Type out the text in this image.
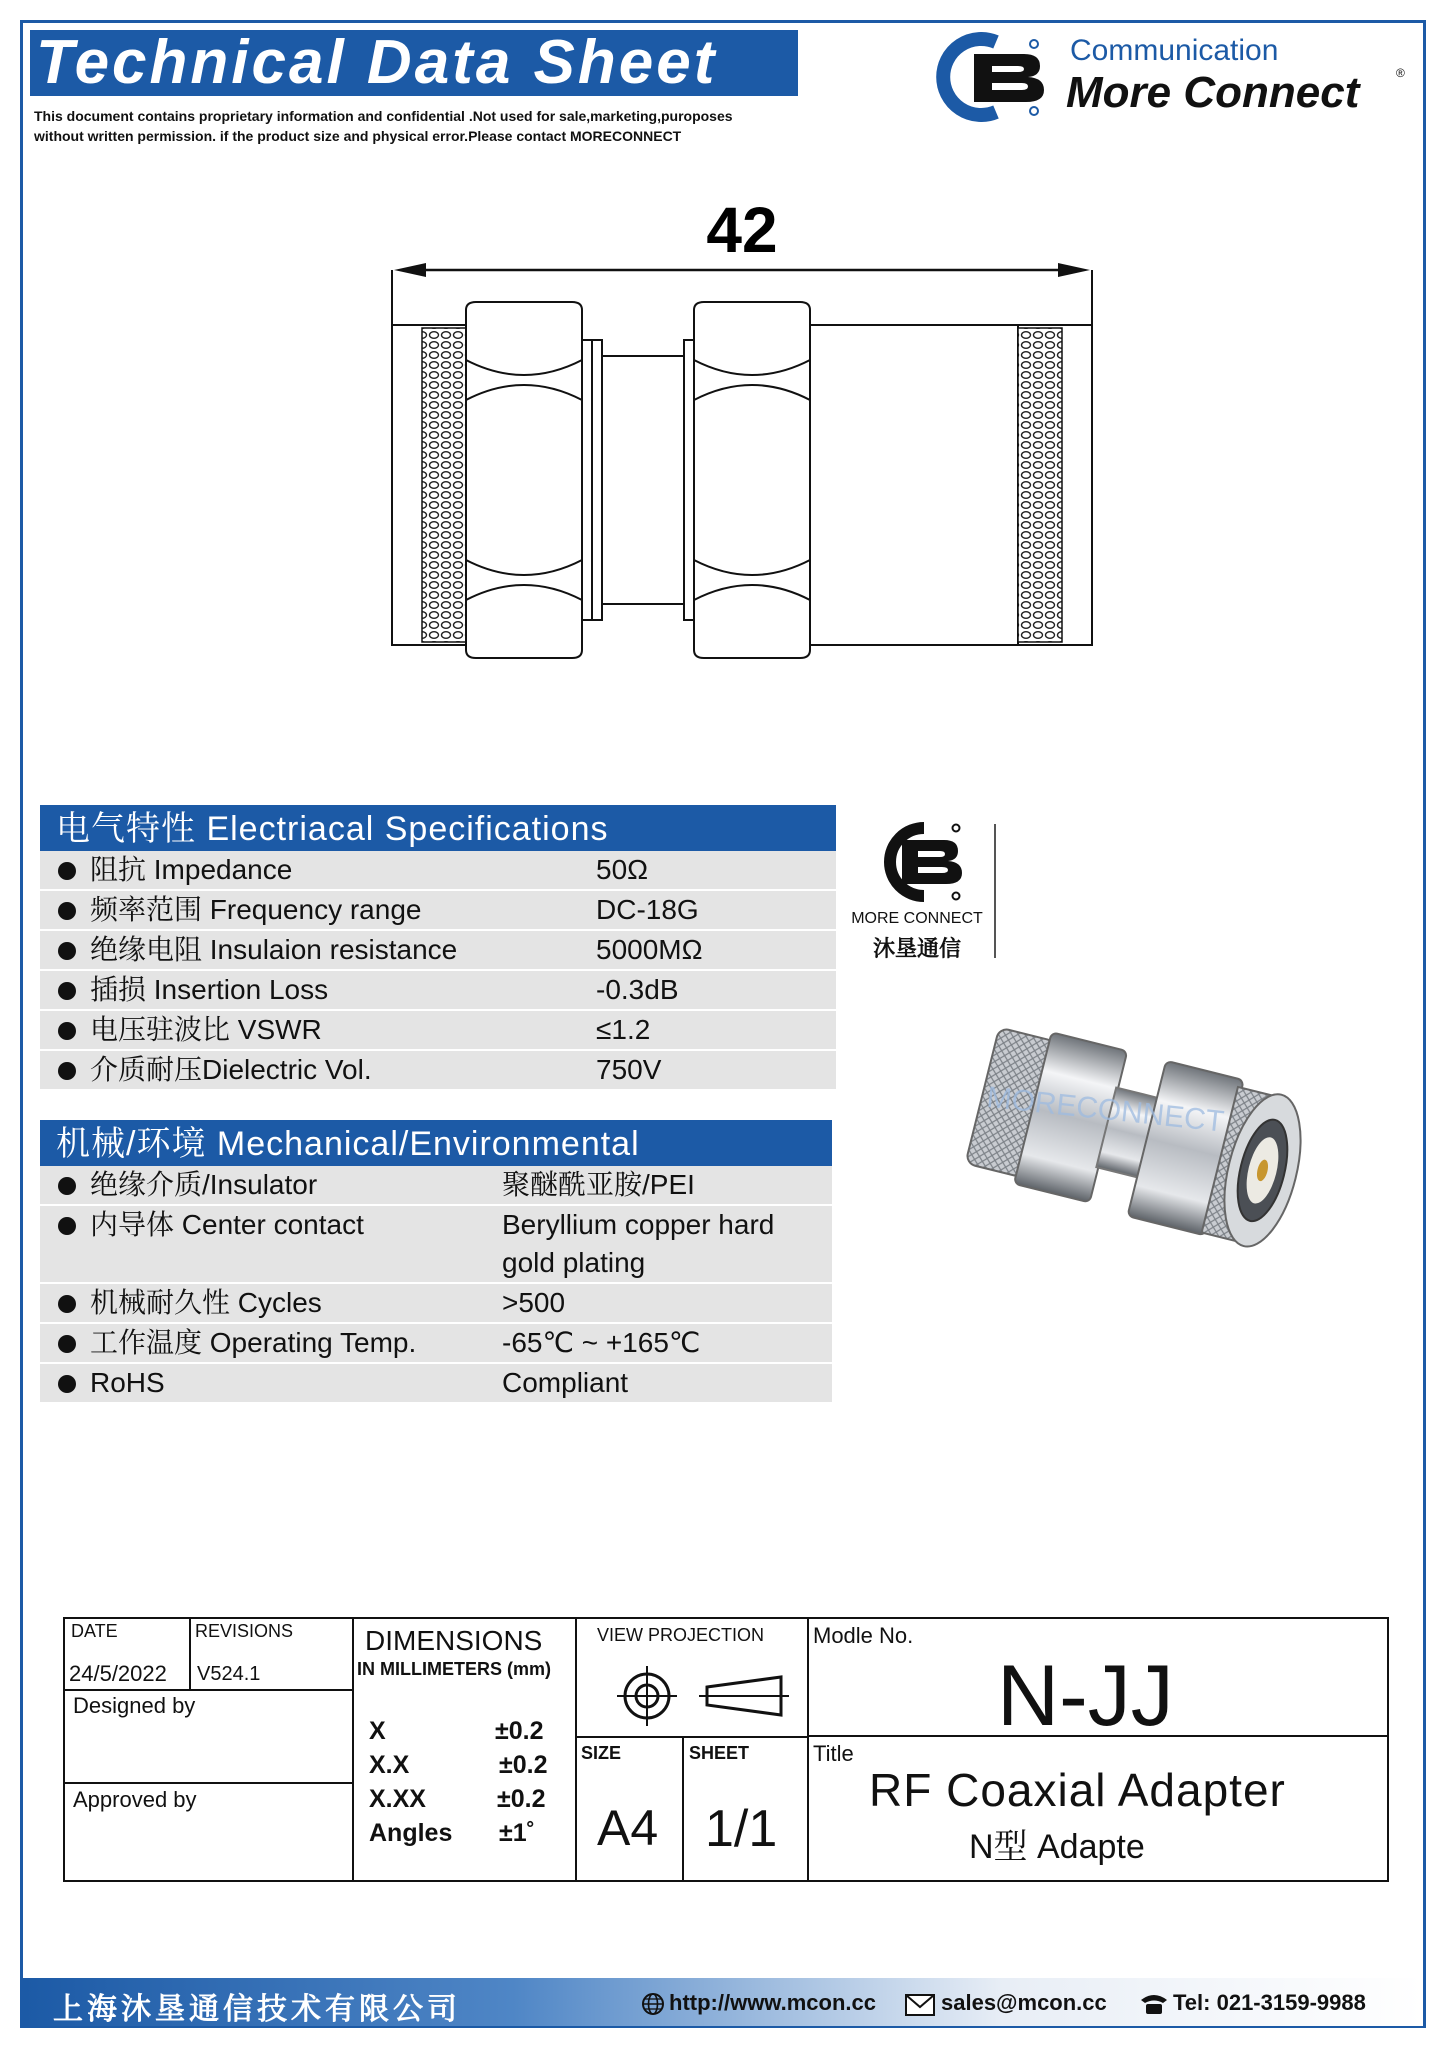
Technical Data Sheet
This document contains proprietary information and confidential .Not used for sale,marketing,puroposes
without written permission. if the product size and physical error.Please contact MORECONNECT
Communication
More Connect	®
42
电气特性 Electriacal Specifications
阻抗 Impedance	50Ω
频率范围 Frequency range	DC-18G
绝缘电阻 Insulaion resistance	5000MΩ
插损 Insertion Loss	-0.3dB
电压驻波比 VSWR	≤1.2
介质耐压Dielectric Vol.	750V
机械/环境 Mechanical/Environmental
绝缘介质/Insulator	聚醚酰亚胺/PEI
内导体 Center contact	Beryllium copper hard
gold plating
机械耐久性 Cycles	>500
工作温度 Operating Temp.	-65℃ ~ +165℃
RoHS	Compliant
MORE CONNECT
沐垦通信
MORECONNECT
DATE
24/5/2022
REVISIONS
V524.1
Designed by
Approved by
DIMENSIONS
IN MILLIMETERS (mm)
X	±0.2
X.X	±0.2
X.XX	±0.2
Angles ±1˚
VIEW PROJECTION
SIZE
A4
SHEET
1/1
Modle No.
N-JJ
Title
RF Coaxial Adapter
N型 Adapte
上海沐垦通信技术有限公司	http://www.mcon.cc	sales@mcon.cc	Tel: 021-3159-9988
